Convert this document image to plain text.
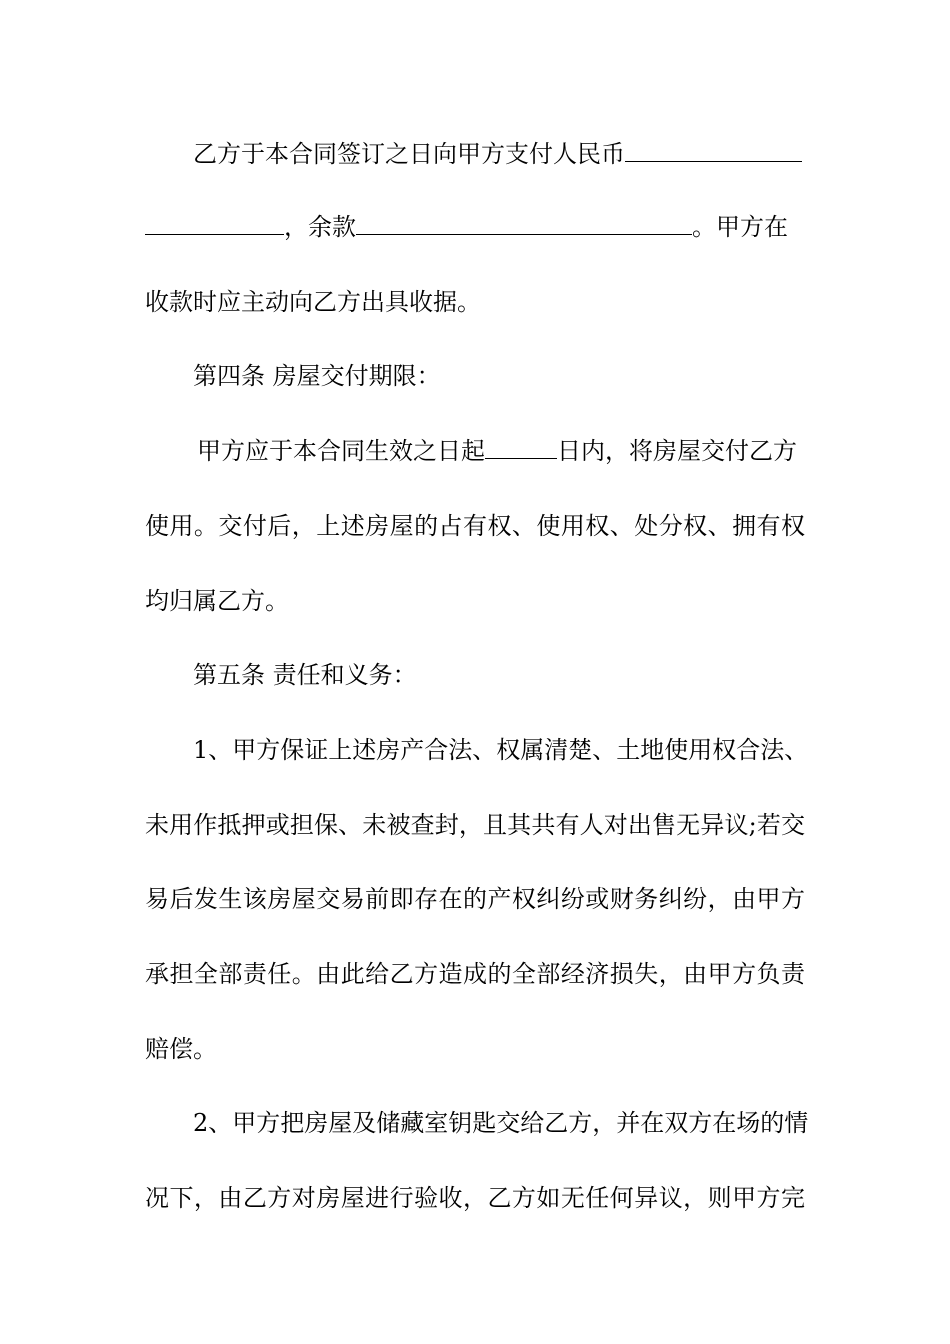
乙方于本合同签订之日向甲方支付人民币
，余款	。甲方在
收款时应主动向乙方出具收据。
第四条 房屋交付期限：
甲方应于本合同生效之日起	日内，将房屋交付乙方
使用。交付后，上述房屋的占有权、使用权、处分权、拥有权
均归属乙方。
第五条 责任和义务：
1、甲方保证上述房产合法、权属清楚、土地使用权合法、
未用作抵押或担保、未被查封，且其共有人对出售无异议;若交
易后发生该房屋交易前即存在的产权纠纷或财务纠纷，由甲方
承担全部责任。由此给乙方造成的全部经济损失，由甲方负责
赔偿。
2、甲方把房屋及储藏室钥匙交给乙方，并在双方在场的情
况下，由乙方对房屋进行验收，乙方如无任何异议，则甲方完
